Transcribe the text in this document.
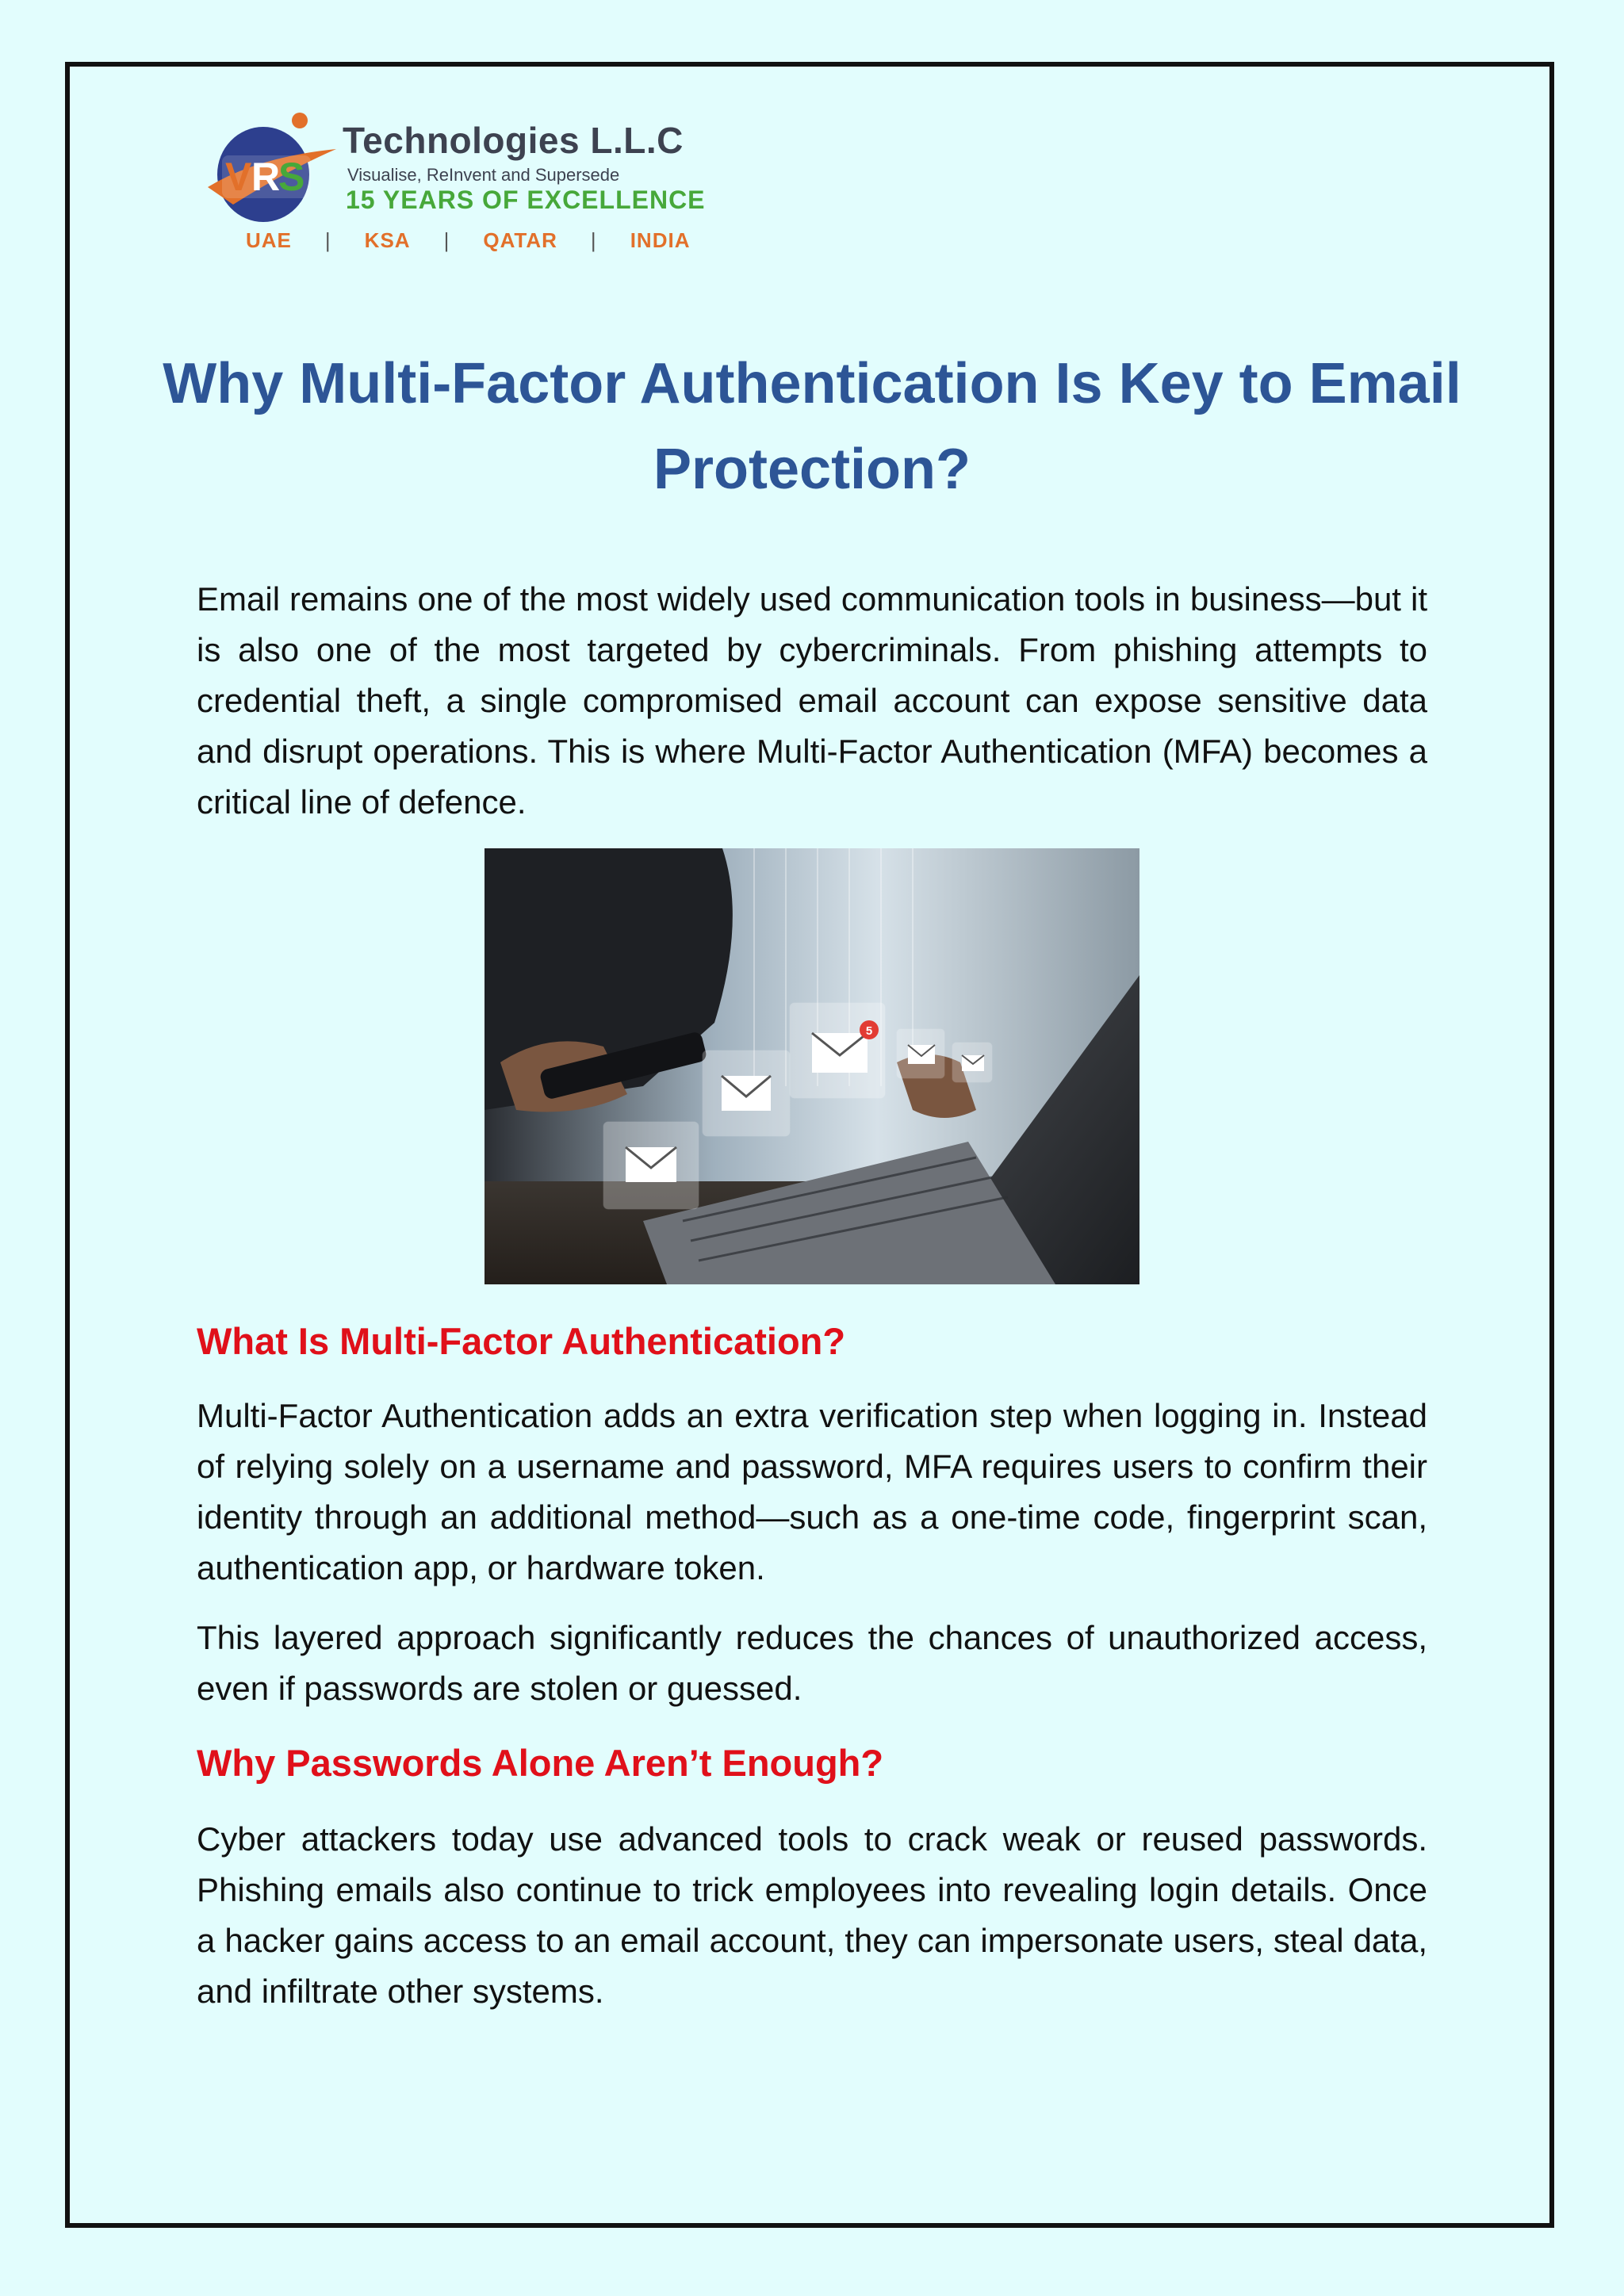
V R
S
Technologies L.L.C
Visualise, ReInvent and Supersede
15 YEARS OF EXCELLENCE
UAE | KSA | QATAR | INDIA
Why Multi-Factor Authentication Is Key to Email Protection?

Email remains one of the most widely used communication tools in business—but it is also one of the most targeted by cybercriminals. From phishing attempts to credential theft, a single compromised email account can expose sensitive data and disrupt operations. This is where Multi-Factor Authentication (MFA) becomes a critical line of defence.

5
What Is Multi-Factor Authentication?

Multi-Factor Authentication adds an extra verification step when logging in. Instead of relying solely on a username and password, MFA requires users to confirm their identity through an additional method—such as a one-time code, fingerprint scan, authentication app, or hardware token.

This layered approach significantly reduces the chances of unauthorized access, even if passwords are stolen or guessed.

Why Passwords Alone Aren’t Enough?

Cyber attackers today use advanced tools to crack weak or reused passwords. Phishing emails also continue to trick employees into revealing login details. Once a hacker gains access to an email account, they can impersonate users, steal data, and infiltrate other systems.
